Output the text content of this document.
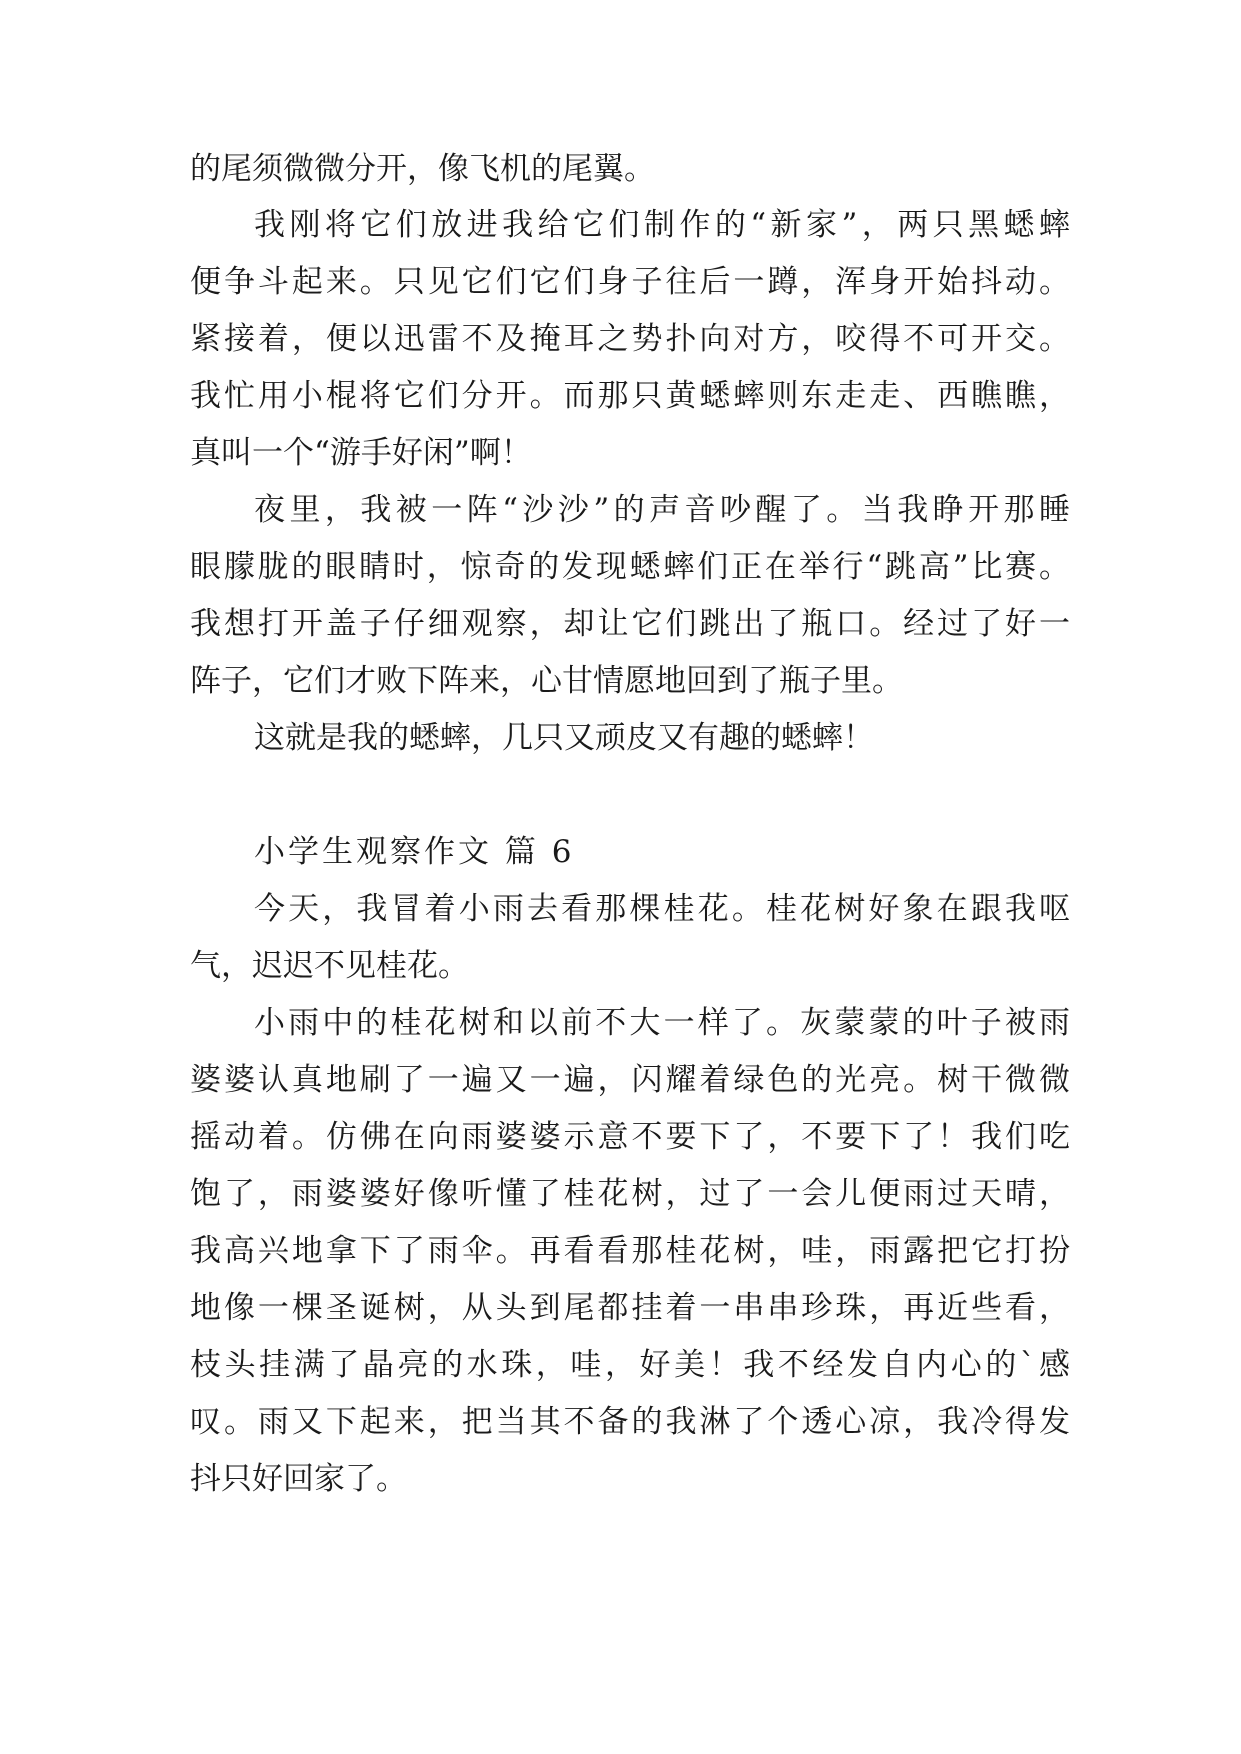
的尾须微微分开，像飞机的尾翼。
我刚将它们放进我给它们制作的“新家”，两只黑蟋蟀
便争斗起来。只见它们它们身子往后一蹲，浑身开始抖动。
紧接着，便以迅雷不及掩耳之势扑向对方，咬得不可开交。
我忙用小棍将它们分开。而那只黄蟋蟀则东走走、西瞧瞧，
真叫一个“游手好闲”啊！
夜里，我被一阵“沙沙”的声音吵醒了。当我睁开那睡
眼朦胧的眼睛时，惊奇的发现蟋蟀们正在举行“跳高”比赛。
我想打开盖子仔细观察，却让它们跳出了瓶口。经过了好一
阵子，它们才败下阵来，心甘情愿地回到了瓶子里。
这就是我的蟋蟀，几只又顽皮又有趣的蟋蟀！
小学生观察作文 篇 6
今天，我冒着小雨去看那棵桂花。桂花树好象在跟我呕
气，迟迟不见桂花。
小雨中的桂花树和以前不大一样了。灰蒙蒙的叶子被雨
婆婆认真地刷了一遍又一遍，闪耀着绿色的光亮。树干微微
摇动着。仿佛在向雨婆婆示意不要下了，不要下了！我们吃
饱了，雨婆婆好像听懂了桂花树，过了一会儿便雨过天晴，
我高兴地拿下了雨伞。再看看那桂花树，哇，雨露把它打扮
地像一棵圣诞树，从头到尾都挂着一串串珍珠，再近些看，
枝头挂满了晶亮的水珠，哇，好美！我不经发自内心的`感
叹。雨又下起来，把当其不备的我淋了个透心凉，我冷得发
抖只好回家了。
